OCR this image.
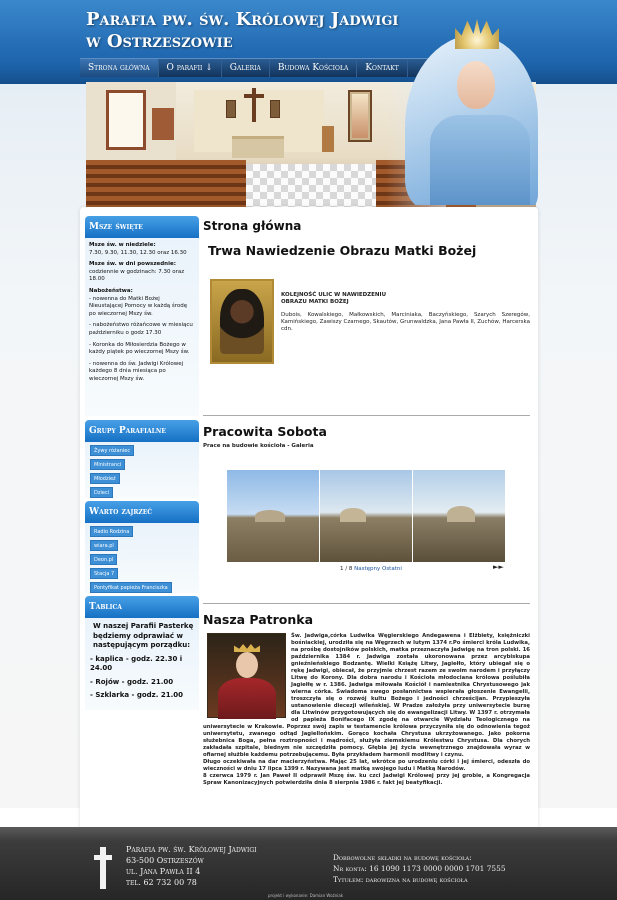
Parafia pw. św. Królowej Jadwigi
w Ostrzeszowie
Strona główna	O parafii ↓	Galeria	Budowa Kościoła	Kontakt
Msze święte

Msze św. w niedziele:
7.30, 9.30, 11.30, 12.30 oraz 16.30

Msze św. w dni powszednie:
codziennie w godzinach: 7.30 oraz 18.00

Nabożeństwa:
- nowenna do Matki Bożej Nieustającej Pomocy w każdą środę po wieczornej Mszy św.

- nabożeństwo różańcowe w miesiącu październiku o godz 17.30

- Koronka do Miłosierdzia Bożego w każdy piątek po wieczornej Mszy św.

- nowenna do św. Jadwigi Królowej każdego 8 dnia miesiąca po wieczornej Mszy św.

Grupy Parafialne
Żywy różaniec
Ministranci
Młodzież
Dzieci
Warto zajrzeć
Radio Rodzina
wiara.pl
Deon.pl
Stacja 7
Pontyfikat papieża Franciszka
Tablica
W naszej Parafii Pasterkę będziemy odprawiać w następującym porządku:
- kaplica - godz. 22.30 i 24.00
- Rojów - godz. 21.00
- Szklarka - godz. 21.00
Strona główna
Trwa Nawiedzenie Obrazu Matki Bożej
KOLEJNOŚĆ ULIC W NAWIEDZENIU
OBRAZU MATKI BOŻEJ
Dubois, Kowalskiego, Małkowskich, Marciniaka, Baczyńskiego, Szarych Szeregów, Kamińskiego, Zawiszy Czarnego, Skautów, Grunwaldzka, Jana Pawła II, Zuchów, Harcerska cdn.
Pracowita Sobota
Prace na budowie kościoła - Galeria
1 / 8 Następny Ostatni	►►
Nasza Patronka
Św. Jadwiga,córka Ludwika Węgierskiego Andegawena i Elżbiety, księżniczki bośniackiej, urodziła się na Węgrzech w lutym 1374 r.Po śmierci króla Ludwika, na prośbę dostojników polskich, matka przeznaczyła Jadwigę na tron polski. 16 października 1384 r. Jadwiga została ukoronowana przez arcybiskupa gnieźnieńskiego Bodzantę. Wielki Książę Litwy, Jagiełło, który ubiegał się o rękę Jadwigi, obiecał, że przyjmie chrzest razem ze swoim narodem i przyłączy Litwę do Korony. Dla dobra narodu i Kościoła młodociana królowa poślubiła Jagiełłę w r. 1386. Jadwiga miłowała Kościół i namiestnika Chrystusowego jak wierna córka. Świadoma swego posłannictwa wspierała głoszenie Ewangelii, troszczyła się o rozwój kultu Bożego i jedności chrześcijan. Przypieszyła ustanowienie diecezji wileńskiej. W Pradze założyła przy uniwersytecie bursę dla Litwinów przygotowujących się do ewangelizacji Litwy. W 1397 r. otrzymała od papieża Bonifacego IX zgodę na otwarcie Wydziału Teologicznego na uniwersytecie w Krakowie. Poprzez swój zapis w testamencie królowa przyczyniła się do odnowienia tegoż uniwersytetu, zwanego odtąd Jagiellońskim. Gorąco kochała Chrystusa ukrzyżowanego. Jako pokorna służebnica Boga, pełna roztropności i mądrości, służyła ziemskiemu Królestwu Chrystusa. Dla chorych zakładała szpitale, biednym nie szczędziła pomocy. Głębia jej życia wewnętrznego znajdowała wyraz w ofiarnej służbie każdemu potrzebującemu. Była przykładem harmonii modlitwy i czynu.
Długo oczekiwała na dar macierzyństwa. Mając 25 lat, wkrótce po urodzeniu córki i jej śmierci, odeszła do wieczności w dniu 17 lipca 1399 r. Nazywana jest matką swojego ludu i Matką Narodów.
8 czerwca 1979 r. Jan Paweł II odprawił Mszę św. ku czci Jadwigi Królowej przy jej grobie, a Kongregacja Spraw Kanonizacyjnych potwierdziła dnia 8 sierpnia 1986 r. fakt jej beatyfikacji.
Parafia pw. św. Królowej Jadwigi
63-500 Ostrzeszów
ul. Jana Pawła II 4
tel. 62 732 00 78
Dobrowolne składki na budowę kościoła:
Nr konta: 16 1090 1173 0000 0000 1701 7555
Tytułem: darowizna na budowę kościoła
projekt i wykonanie: Damian Woźniak
